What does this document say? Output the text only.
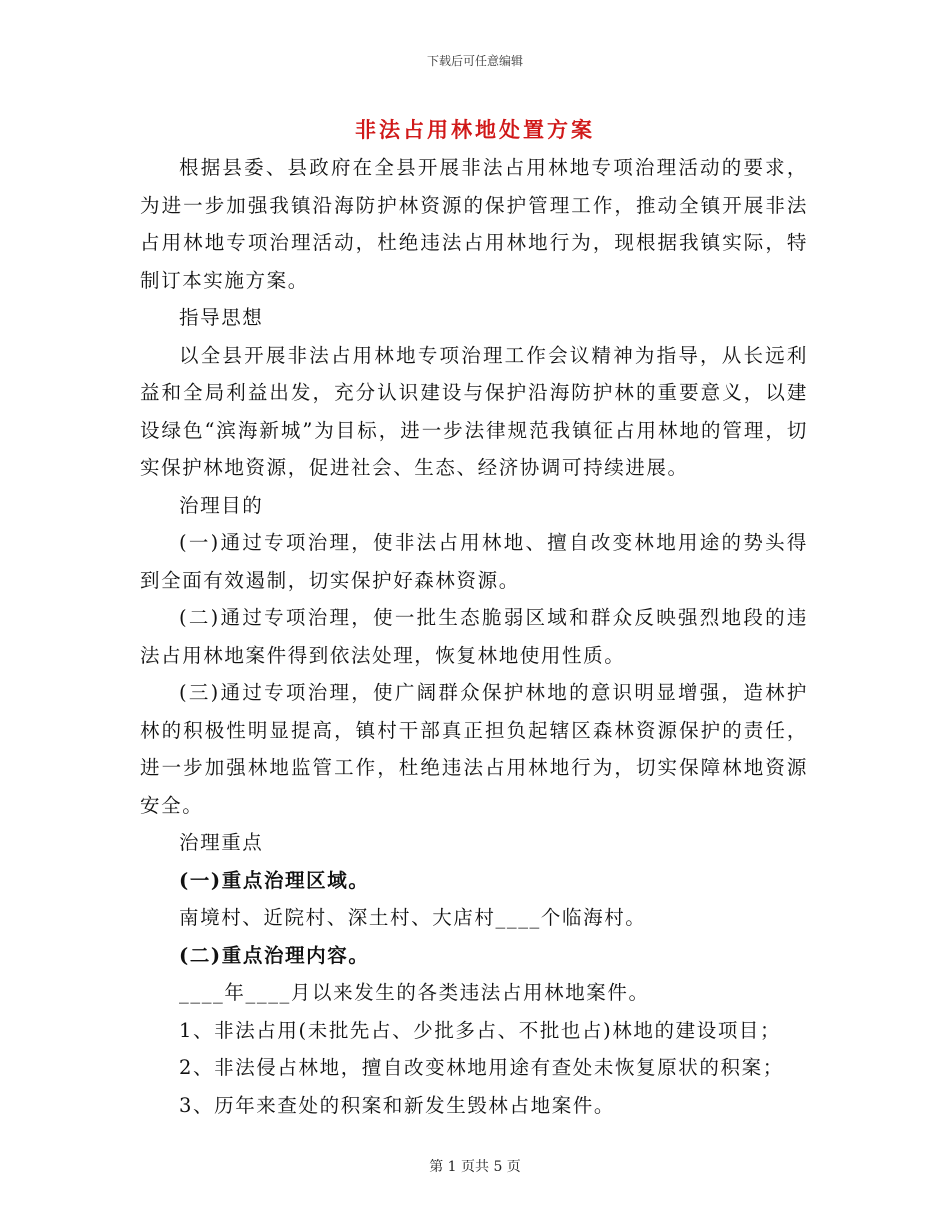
下载后可任意编辑
非法占用林地处置方案

根据县委、县政府在全县开展非法占用林地专项治理活动的要求，为进一步加强我镇沿海防护林资源的保护管理工作，推动全镇开展非法占用林地专项治理活动，杜绝违法占用林地行为，现根据我镇实际，特制订本实施方案。

指导思想

以全县开展非法占用林地专项治理工作会议精神为指导，从长远利益和全局利益出发，充分认识建设与保护沿海防护林的重要意义，以建设绿色“滨海新城”为目标，进一步法律规范我镇征占用林地的管理，切实保护林地资源，促进社会、生态、经济协调可持续进展。

治理目的

(一)通过专项治理，使非法占用林地、擅自改变林地用途的势头得到全面有效遏制，切实保护好森林资源。

(二)通过专项治理，使一批生态脆弱区域和群众反映强烈地段的违法占用林地案件得到依法处理，恢复林地使用性质。

(三)通过专项治理，使广阔群众保护林地的意识明显增强，造林护林的积极性明显提高，镇村干部真正担负起辖区森林资源保护的责任，进一步加强林地监管工作，杜绝违法占用林地行为，切实保障林地资源安全。

治理重点

(一)重点治理区域。

南境村、近院村、深土村、大店村____个临海村。

(二)重点治理内容。

____年____月以来发生的各类违法占用林地案件。

1、非法占用(未批先占、少批多占、不批也占)林地的建设项目；

2、非法侵占林地，擅自改变林地用途有查处未恢复原状的积案；

3、历年来查处的积案和新发生毁林占地案件。

第 1 页共 5 页
